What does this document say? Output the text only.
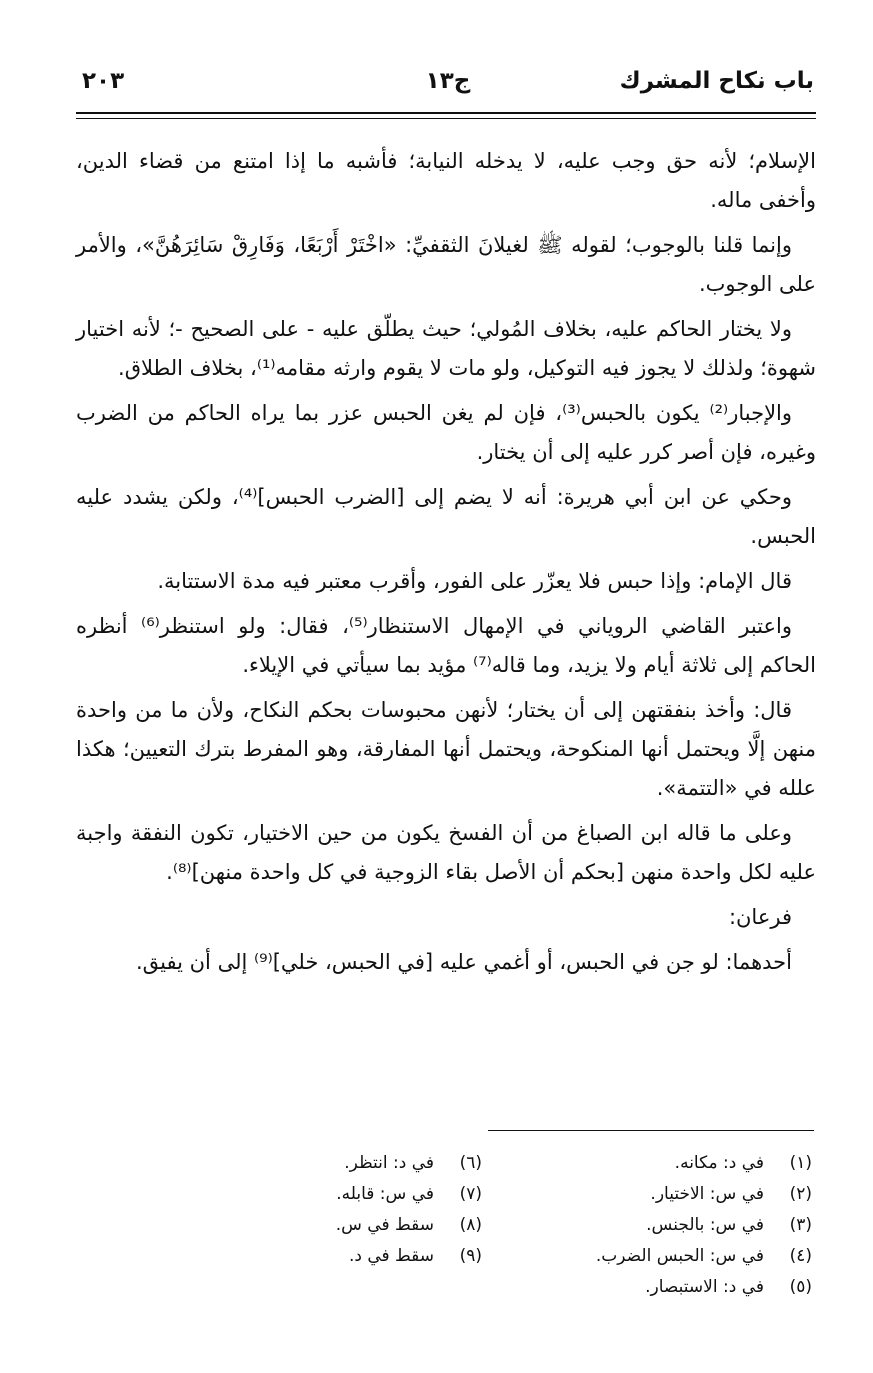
باب نكاح المشرك
ج١٣
٢٠٣

الإسلام؛ لأنه حق وجب عليه، لا يدخله النيابة؛ فأشبه ما إذا امتنع من قضاء الدين، وأخفى ماله.

وإنما قلنا بالوجوب؛ لقوله ﷺ لغيلانَ الثقفيِّ: «اخْتَرْ أَرْبَعًا، وَفَارِقْ سَائِرَهُنَّ»، والأمر على الوجوب.

ولا يختار الحاكم عليه، بخلاف المُولي؛ حيث يطلّق عليه - على الصحيح -؛ لأنه اختيار شهوة؛ ولذلك لا يجوز فيه التوكيل، ولو مات لا يقوم وارثه مقامه⁽¹⁾، بخلاف الطلاق.

والإجبار⁽²⁾ يكون بالحبس⁽³⁾، فإن لم يغن الحبس عزر بما يراه الحاكم من الضرب وغيره، فإن أصر كرر عليه إلى أن يختار.

وحكي عن ابن أبي هريرة: أنه لا يضم إلى [الضرب الحبس]⁽⁴⁾، ولكن يشدد عليه الحبس.

قال الإمام: وإذا حبس فلا يعزّر على الفور، وأقرب معتبر فيه مدة الاستتابة.

واعتبر القاضي الروياني في الإمهال الاستنظار⁽⁵⁾، فقال: ولو استنظر⁽⁶⁾ أنظره الحاكم إلى ثلاثة أيام ولا يزيد، وما قاله⁽⁷⁾ مؤيد بما سيأتي في الإيلاء.

قال: وأخذ بنفقتهن إلى أن يختار؛ لأنهن محبوسات بحكم النكاح، ولأن ما من واحدة منهن إلَّا ويحتمل أنها المنكوحة، ويحتمل أنها المفارقة، وهو المفرط بترك التعيين؛ هكذا علله في «التتمة».

وعلى ما قاله ابن الصباغ من أن الفسخ يكون من حين الاختيار، تكون النفقة واجبة عليه لكل واحدة منهن [بحكم أن الأصل بقاء الزوجية في كل واحدة منهن]⁽⁸⁾.

فرعان:

أحدهما: لو جن في الحبس، أو أغمي عليه [في الحبس، خلي]⁽⁹⁾ إلى أن يفيق.

(١)في د: مكانه.
(٢)في س: الاختيار.
(٣)في س: بالجنس.
(٤)في س: الحبس الضرب.
(٥)في د: الاستبصار.
(٦)في د: انتظر.
(٧)في س: قابله.
(٨)سقط في س.
(٩)سقط في د.
